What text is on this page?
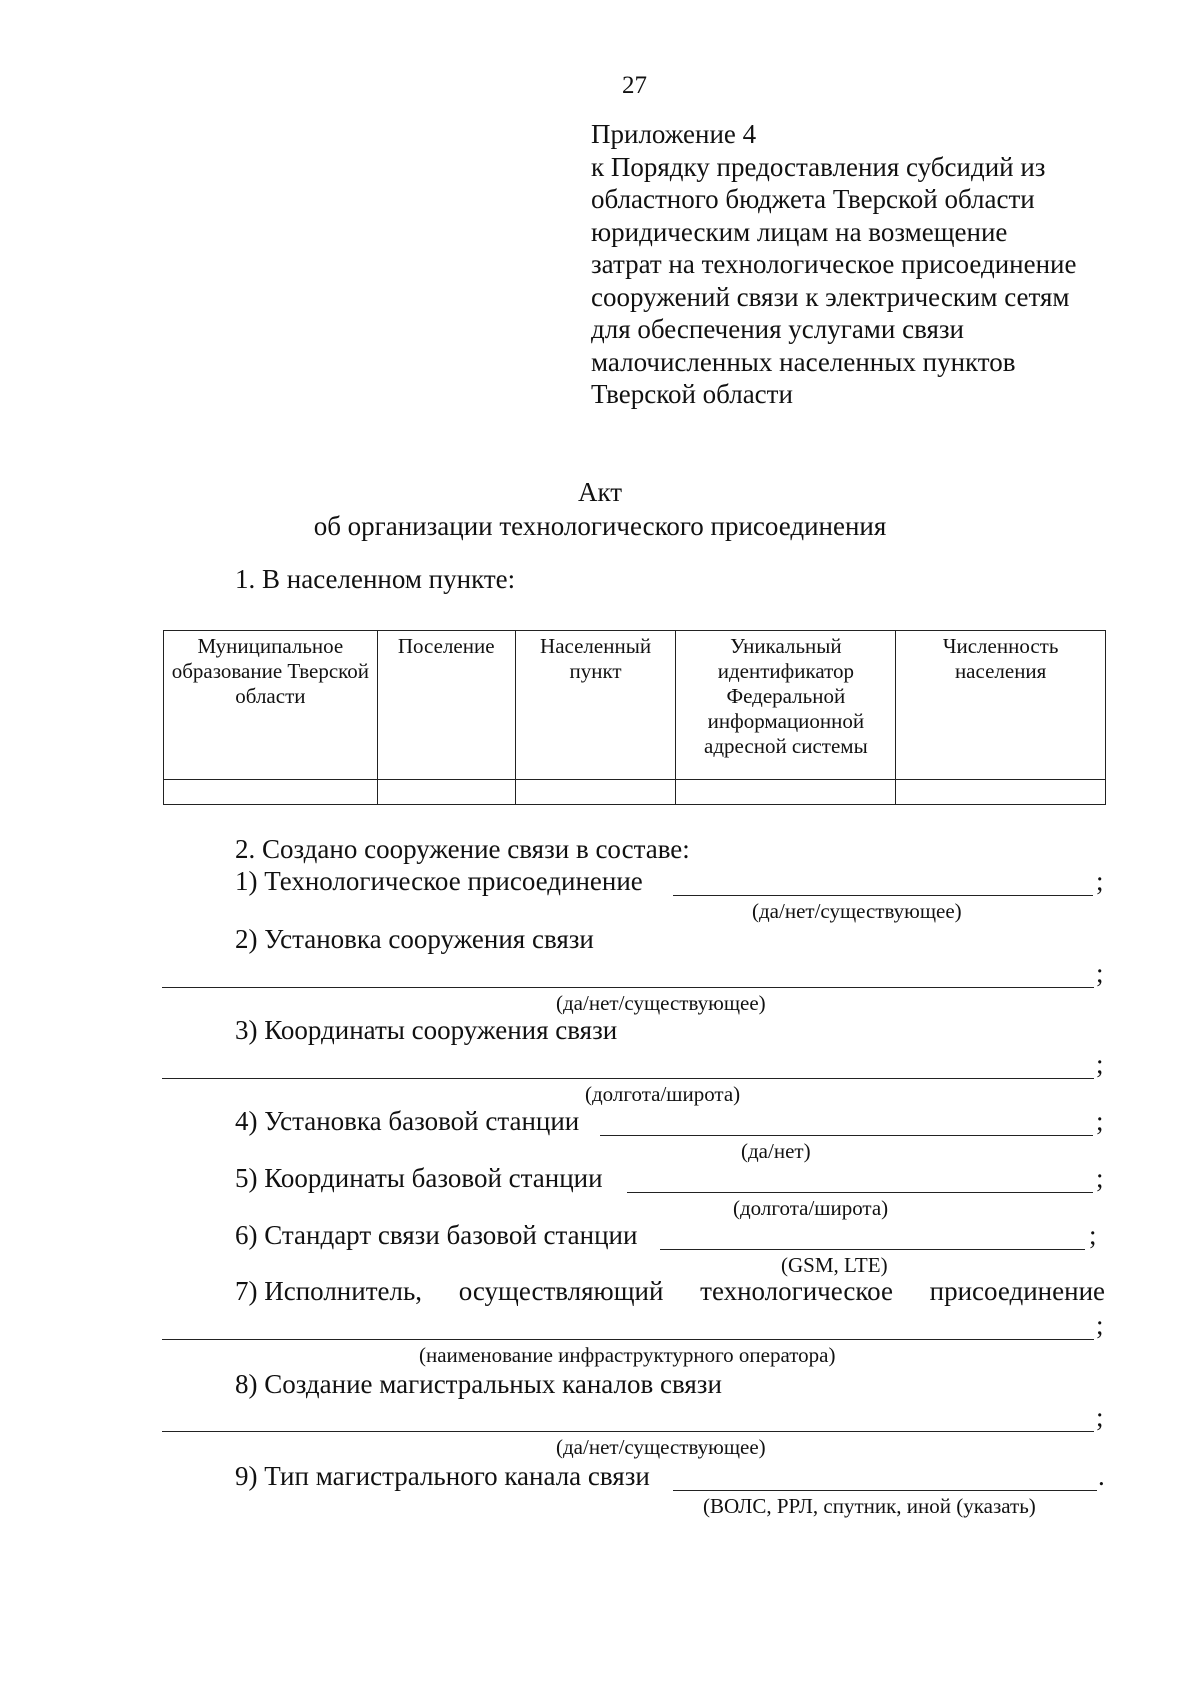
27
Приложение 4
к Порядку предоставления субсидий из
областного бюджета Тверской области
юридическим лицам на возмещение
затрат на технологическое присоединение
сооружений связи к электрическим сетям
для обеспечения услугами связи
малочисленных населенных пунктов
Тверской области
Акт
об организации технологического присоединения
1. В населенном пункте:
Муниципальное образование Тверской области	Поселение	Населенный пункт	Уникальный идентификатор Федеральной информационной адресной системы	Численность населения

2. Создано сооружение связи в составе:
1) Технологическое присоединение	;
(да/нет/существующее)
2) Установка сооружения связи
;
(да/нет/существующее)
3) Координаты сооружения связи
;
(долгота/широта)
4) Установка базовой станции	;
(да/нет)
5) Координаты базовой станции	;
(долгота/широта)
6) Стандарт связи базовой станции	;
(GSM, LTE)
7) Исполнитель, осуществляющий технологическое присоединение
;
(наименование инфраструктурного оператора)
8) Создание магистральных каналов связи
;
(да/нет/существующее)
9) Тип магистрального канала связи	.
(ВОЛС, РРЛ, спутник, иной (указать)
